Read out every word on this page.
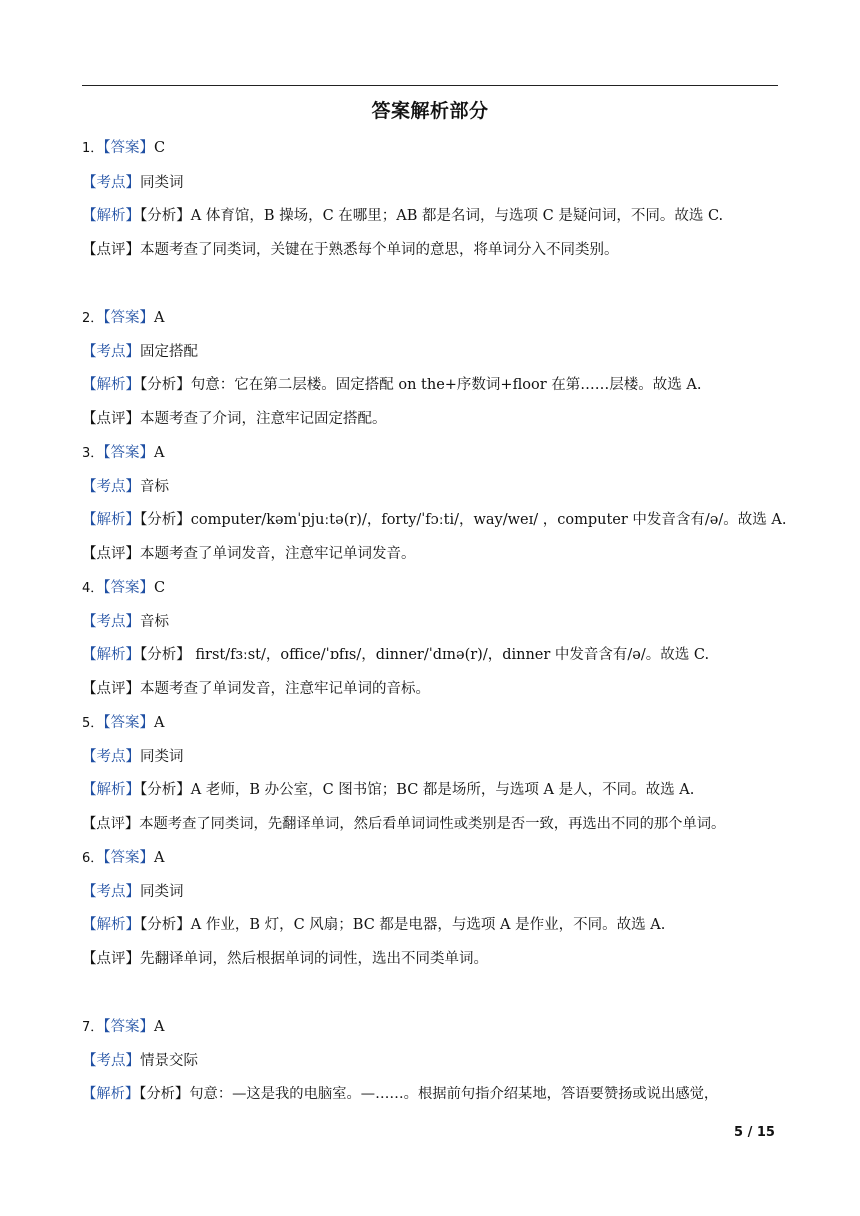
答案解析部分
1．【答案】C
【考点】同类词
【解析】【分析】A 体育馆，B 操场，C 在哪里；AB 都是名词，与选项 C 是疑问词，不同。故选 C.
【点评】本题考查了同类词，关键在于熟悉每个单词的意思，将单词分入不同类别。
2．【答案】A
【考点】固定搭配
【解析】【分析】句意：它在第二层楼。固定搭配 on the+序数词+floor 在第……层楼。故选 A.
【点评】本题考查了介词，注意牢记固定搭配。
3．【答案】A
【考点】音标
【解析】【分析】computer/kəmˈpjuːtə(r)/，forty/ˈfɔːti/，way/weɪ/ ，computer 中发音含有/ə/。故选 A.
【点评】本题考查了单词发音，注意牢记单词发音。
4．【答案】C
【考点】音标
【解析】【分析】 first/fɜːst/，office/ˈɒfɪs/，dinner/ˈdɪnə(r)/，dinner 中发音含有/ə/。故选 C.
【点评】本题考查了单词发音，注意牢记单词的音标。
5．【答案】A
【考点】同类词
【解析】【分析】A 老师，B 办公室，C 图书馆；BC 都是场所，与选项 A 是人，不同。故选 A.
【点评】本题考查了同类词，先翻译单词，然后看单词词性或类别是否一致，再选出不同的那个单词。
6．【答案】A
【考点】同类词
【解析】【分析】A 作业，B 灯，C 风扇；BC 都是电器，与选项 A 是作业，不同。故选 A.
【点评】先翻译单词，然后根据单词的词性，选出不同类单词。
7．【答案】A
【考点】情景交际
【解析】【分析】句意：—这是我的电脑室。—……。根据前句指介绍某地，答语要赞扬或说出感觉，
5 / 15
